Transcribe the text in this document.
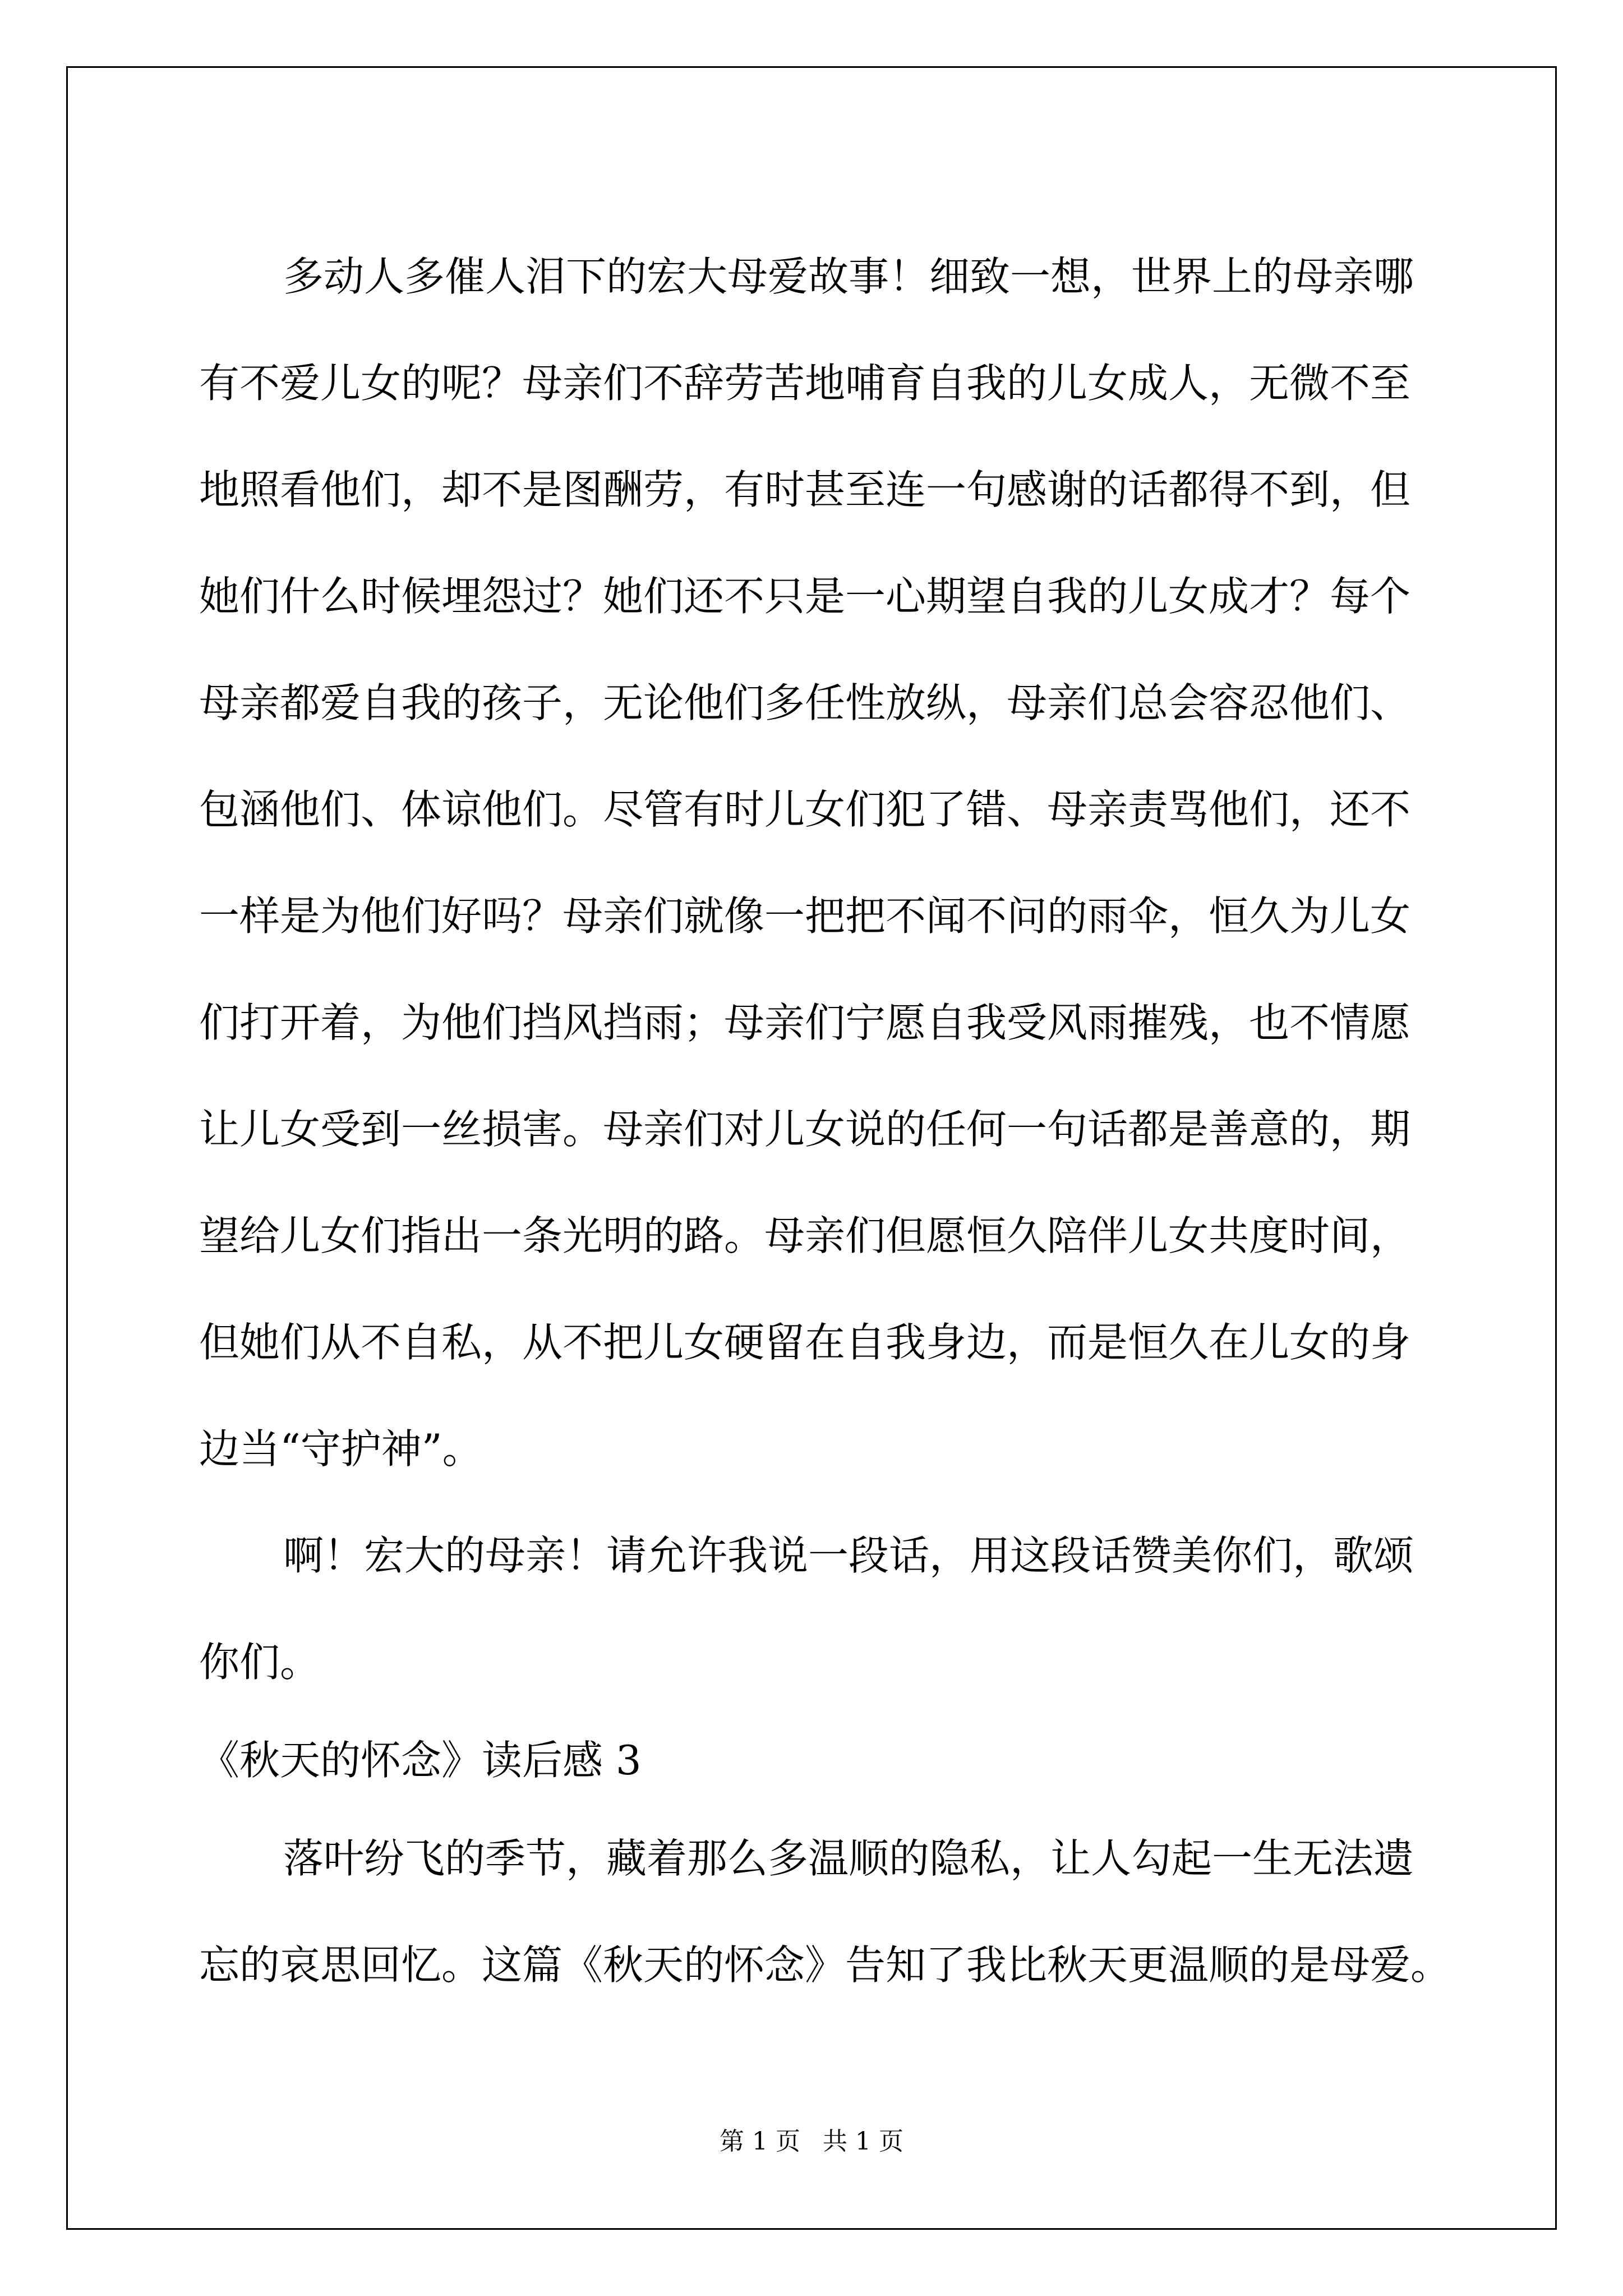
多动人多催人泪下的宏大母爱故事！细致一想，世界上的母亲哪
有不爱儿女的呢？母亲们不辞劳苦地哺育自我的儿女成人，无微不至
地照看他们，却不是图酬劳，有时甚至连一句感谢的话都得不到，但
她们什么时候埋怨过？她们还不只是一心期望自我的儿女成才？每个
母亲都爱自我的孩子，无论他们多任性放纵，母亲们总会容忍他们、
包涵他们、体谅他们。尽管有时儿女们犯了错、母亲责骂他们，还不
一样是为他们好吗？母亲们就像一把把不闻不问的雨伞，恒久为儿女
们打开着，为他们挡风挡雨；母亲们宁愿自我受风雨摧残，也不情愿
让儿女受到一丝损害。母亲们对儿女说的任何一句话都是善意的，期
望给儿女们指出一条光明的路。母亲们但愿恒久陪伴儿女共度时间，
但她们从不自私，从不把儿女硬留在自我身边，而是恒久在儿女的身
边当“守护神”。
啊！宏大的母亲！请允许我说一段话，用这段话赞美你们，歌颂
你们。
《秋天的怀念》读后感 3
落叶纷飞的季节，藏着那么多温顺的隐私，让人勾起一生无法遗
忘的哀思回忆。这篇《秋天的怀念》告知了我比秋天更温顺的是母爱。
第 1 页 共 1 页
